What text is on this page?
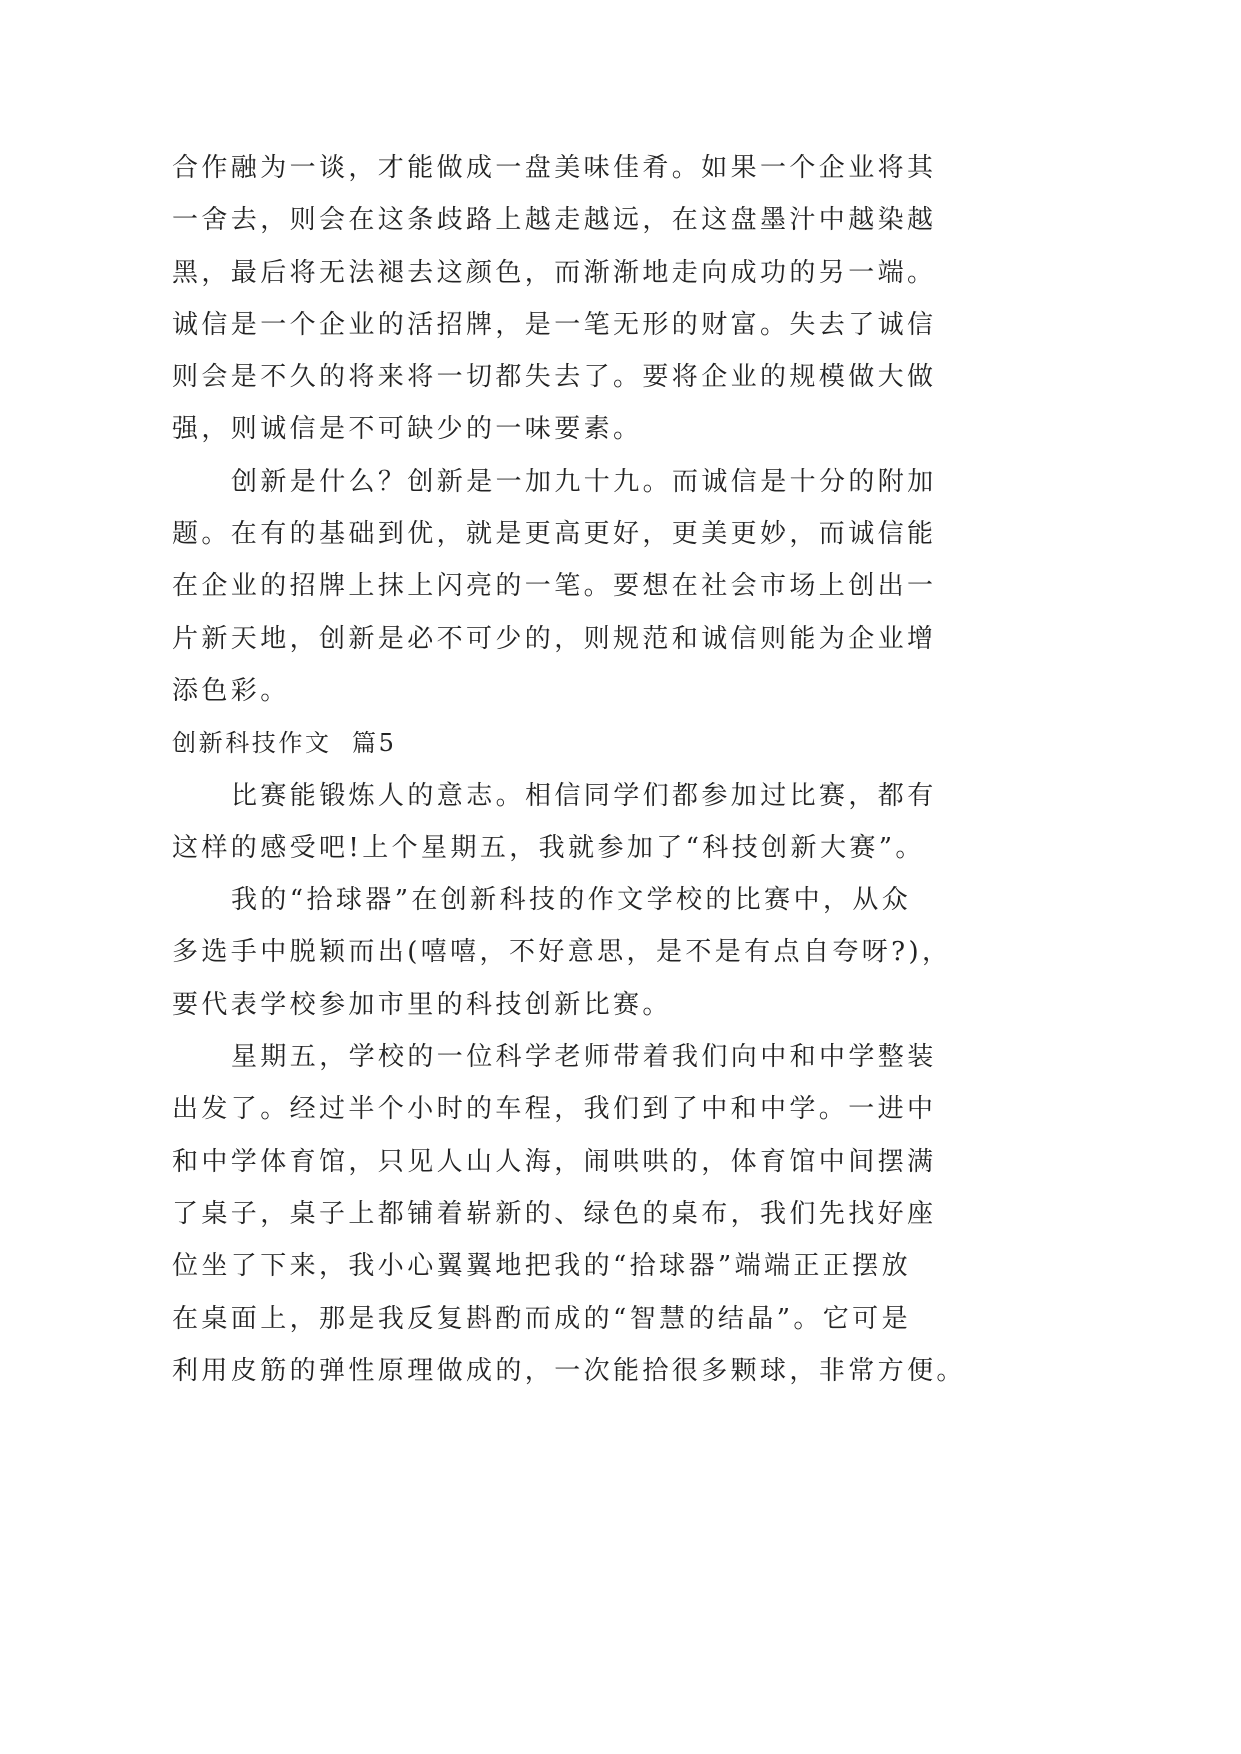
合作融为一谈，才能做成一盘美味佳肴。如果一个企业将其
一舍去，则会在这条歧路上越走越远，在这盘墨汁中越染越
黑，最后将无法褪去这颜色，而渐渐地走向成功的另一端。
诚信是一个企业的活招牌，是一笔无形的财富。失去了诚信
则会是不久的将来将一切都失去了。要将企业的规模做大做
强，则诚信是不可缺少的一味要素。
创新是什么？创新是一加九十九。而诚信是十分的附加
题。在有的基础到优，就是更高更好，更美更妙，而诚信能
在企业的招牌上抹上闪亮的一笔。要想在社会市场上创出一
片新天地，创新是必不可少的，则规范和诚信则能为企业增
添色彩。
创新科技作文  篇5
比赛能锻炼人的意志。相信同学们都参加过比赛，都有
这样的感受吧!上个星期五，我就参加了“科技创新大赛”。
我的“拾球器”在创新科技的作文学校的比赛中，从众
多选手中脱颖而出(嘻嘻，不好意思，是不是有点自夸呀?)，
要代表学校参加市里的科技创新比赛。
星期五，学校的一位科学老师带着我们向中和中学整装
出发了。经过半个小时的车程，我们到了中和中学。一进中
和中学体育馆，只见人山人海，闹哄哄的，体育馆中间摆满
了桌子，桌子上都铺着崭新的、绿色的桌布，我们先找好座
位坐了下来，我小心翼翼地把我的“拾球器”端端正正摆放
在桌面上，那是我反复斟酌而成的“智慧的结晶”。它可是
利用皮筋的弹性原理做成的，一次能拾很多颗球，非常方便。
